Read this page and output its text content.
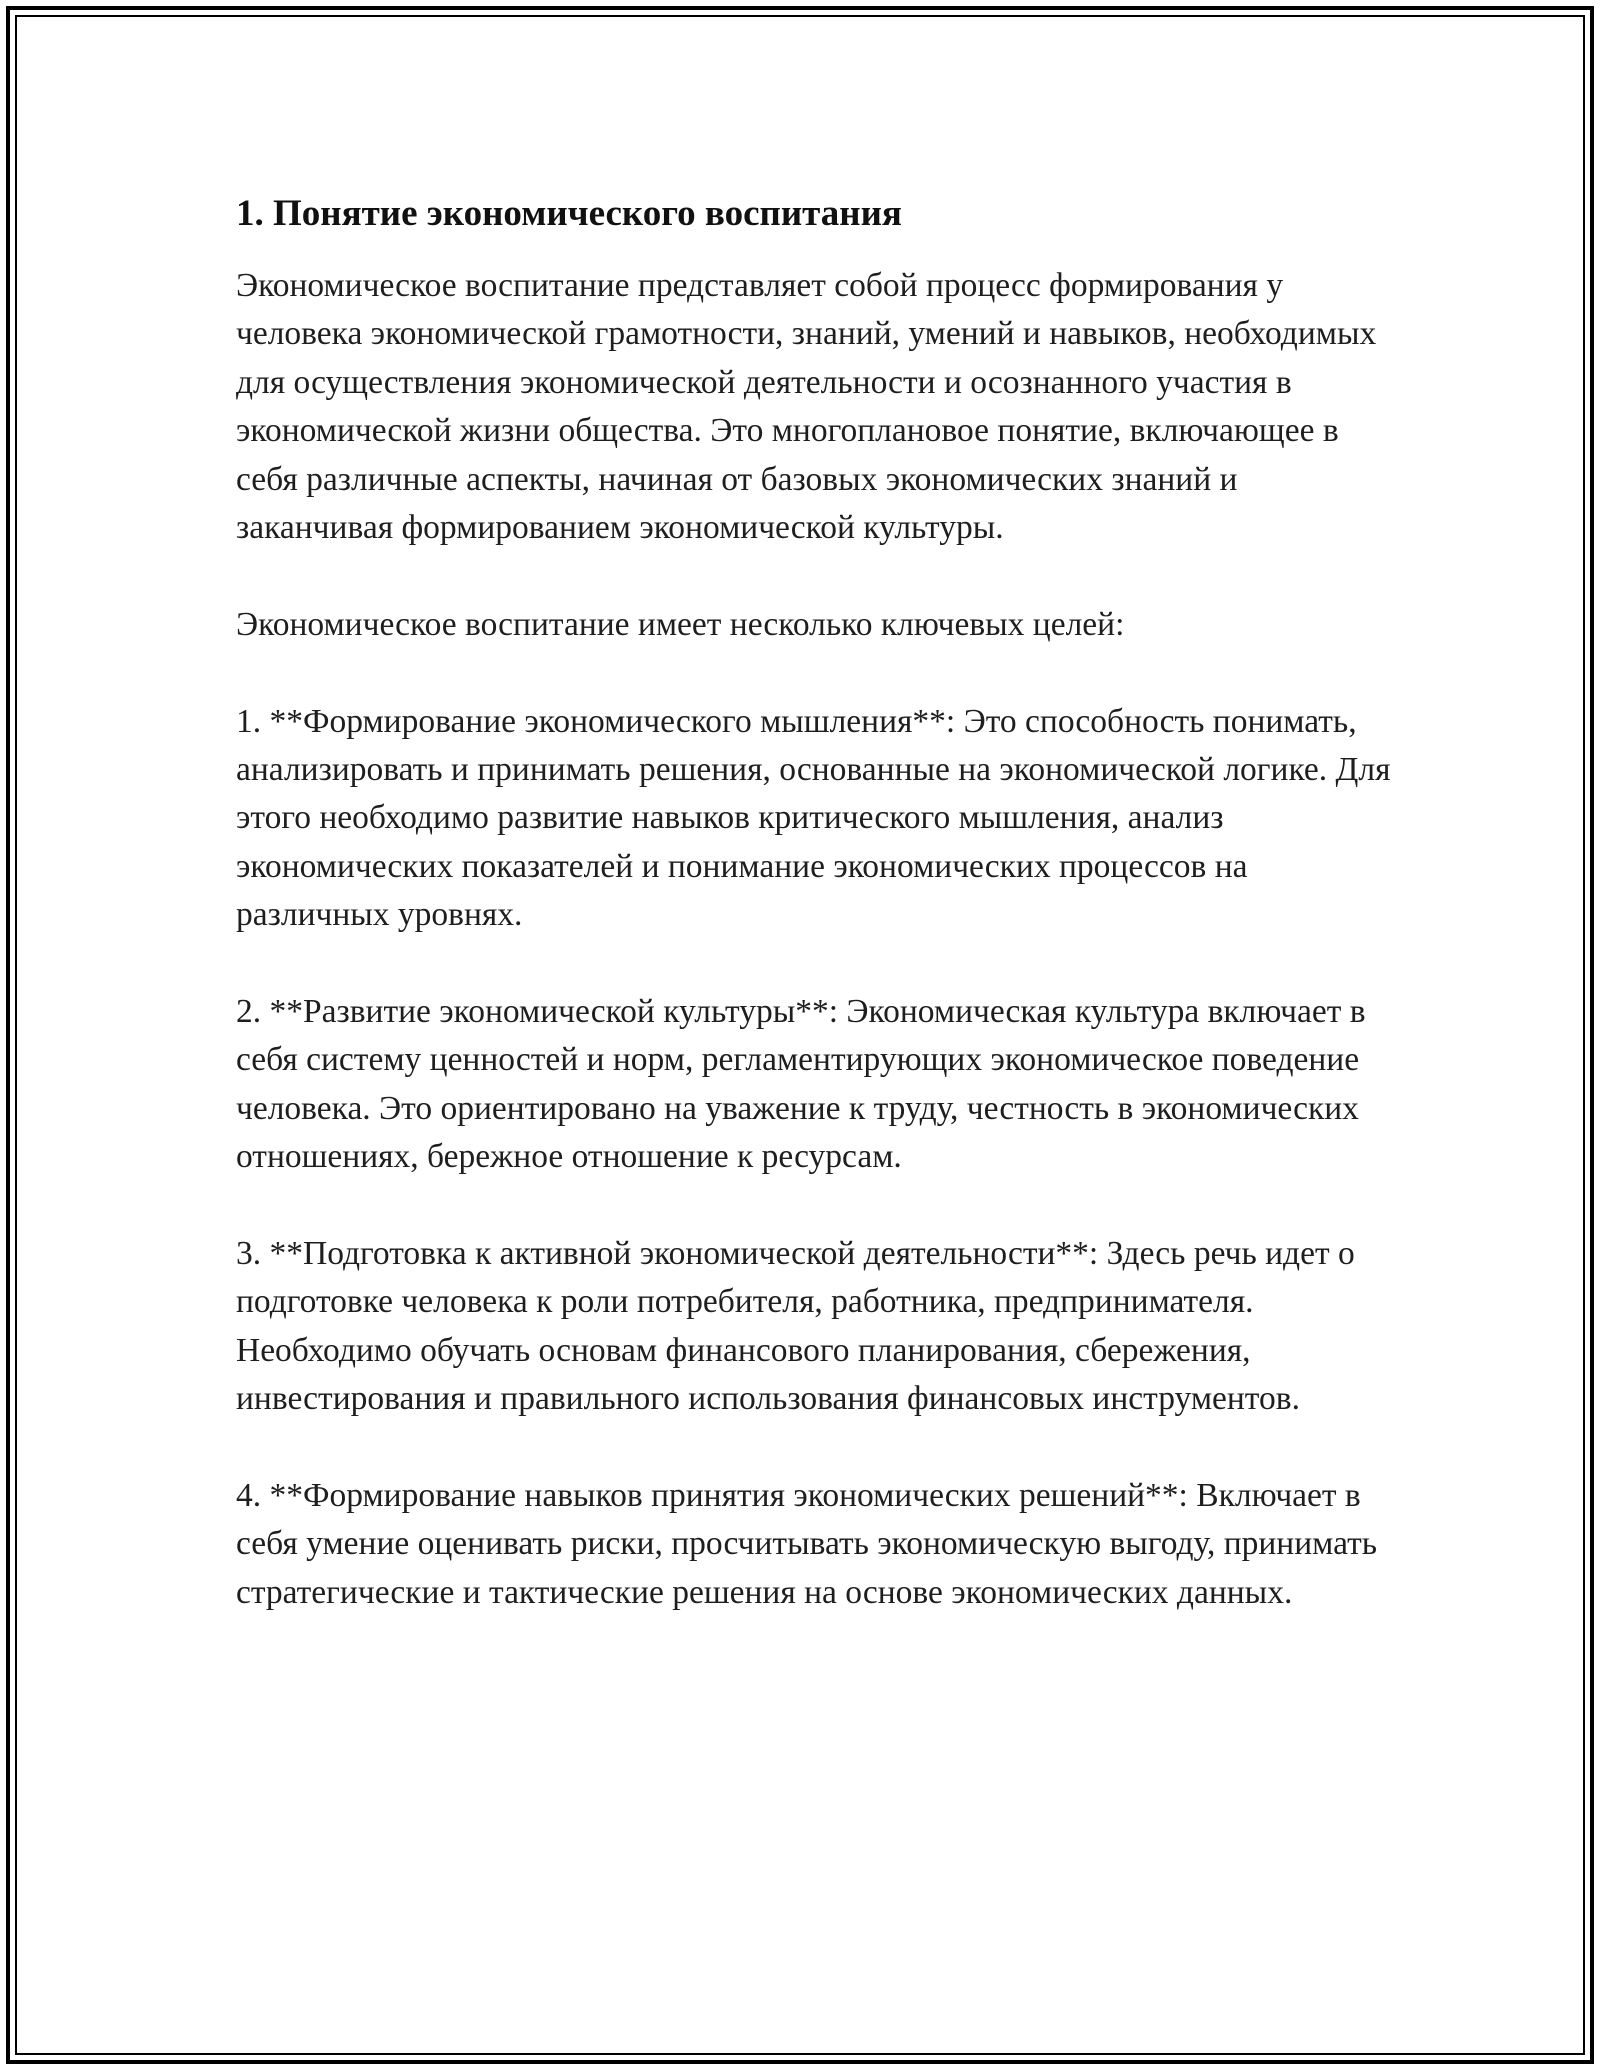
1. Понятие экономического воспитания

Экономическое воспитание представляет собой процесс формирования у человека экономической грамотности, знаний, умений и навыков, необходимых для осуществления экономической деятельности и осознанного участия в экономической жизни общества. Это многоплановое понятие, включающее в себя различные аспекты, начиная от базовых экономических знаний и заканчивая формированием экономической культуры.

Экономическое воспитание имеет несколько ключевых целей:

1. **Формирование экономического мышления**: Это способность понимать, анализировать и принимать решения, основанные на экономической логике. Для этого необходимо развитие навыков критического мышления, анализ экономических показателей и понимание экономических процессов на различных уровнях.

2. **Развитие экономической культуры**: Экономическая культура включает в себя систему ценностей и норм, регламентирующих экономическое поведение человека. Это ориентировано на уважение к труду, честность в экономических отношениях, бережное отношение к ресурсам.

3. **Подготовка к активной экономической деятельности**: Здесь речь идет о подготовке человека к роли потребителя, работника, предпринимателя. Необходимо обучать основам финансового планирования, сбережения, инвестирования и правильного использования финансовых инструментов.

4. **Формирование навыков принятия экономических решений**: Включает в себя умение оценивать риски, просчитывать экономическую выгоду, принимать стратегические и тактические решения на основе экономических данных.
